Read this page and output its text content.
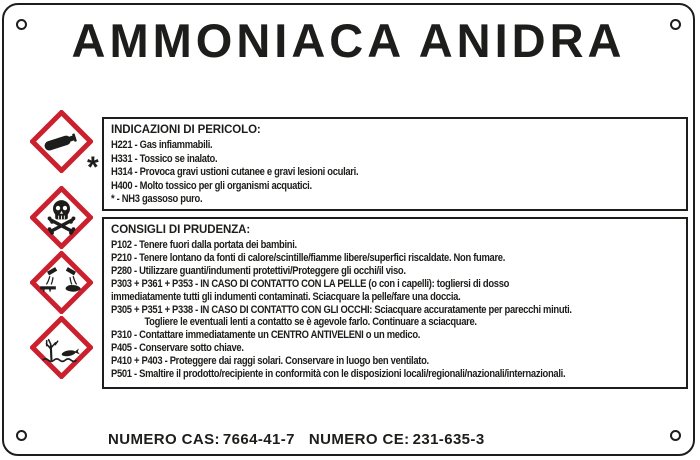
AMMONIACA ANIDRA
*
INDICAZIONI DI PERICOLO:
H221 - Gas infiammabili.
H331 - Tossico se inalato.
H314 - Provoca gravi ustioni cutanee e gravi lesioni oculari.
H400 - Molto tossico per gli organismi acquatici.
* - NH3 gassoso puro.
CONSIGLI DI PRUDENZA:
P102 - Tenere fuori dalla portata dei bambini.
P210 - Tenere lontano da fonti di calore/scintille/fiamme libere/superfici riscaldate. Non fumare.
P280 - Utilizzare guanti/indumenti protettivi/Proteggere gli occhi/il viso.
P303 + P361 + P353 - IN CASO DI CONTATTO CON LA PELLE (o con i capelli): togliersi di dosso
immediatamente tutti gli indumenti contaminati. Sciacquare la pelle/fare una doccia.
P305 + P351 + P338 - IN CASO DI CONTATTO CON GLI OCCHI: Sciacquare accuratamente per parecchi minuti.
Togliere le eventuali lenti a contatto se è agevole farlo. Continuare a sciacquare.
P310 - Contattare immediatamente un CENTRO ANTIVELENI o un medico.
P405 - Conservare sotto chiave.
P410 + P403 - Proteggere dai raggi solari. Conservare in luogo ben ventilato.
P501 - Smaltire il prodotto/recipiente in conformità con le disposizioni locali/regionali/nazionali/internazionali.
NUMERO CAS: 7664-41-7 NUMERO CE: 231-635-3
